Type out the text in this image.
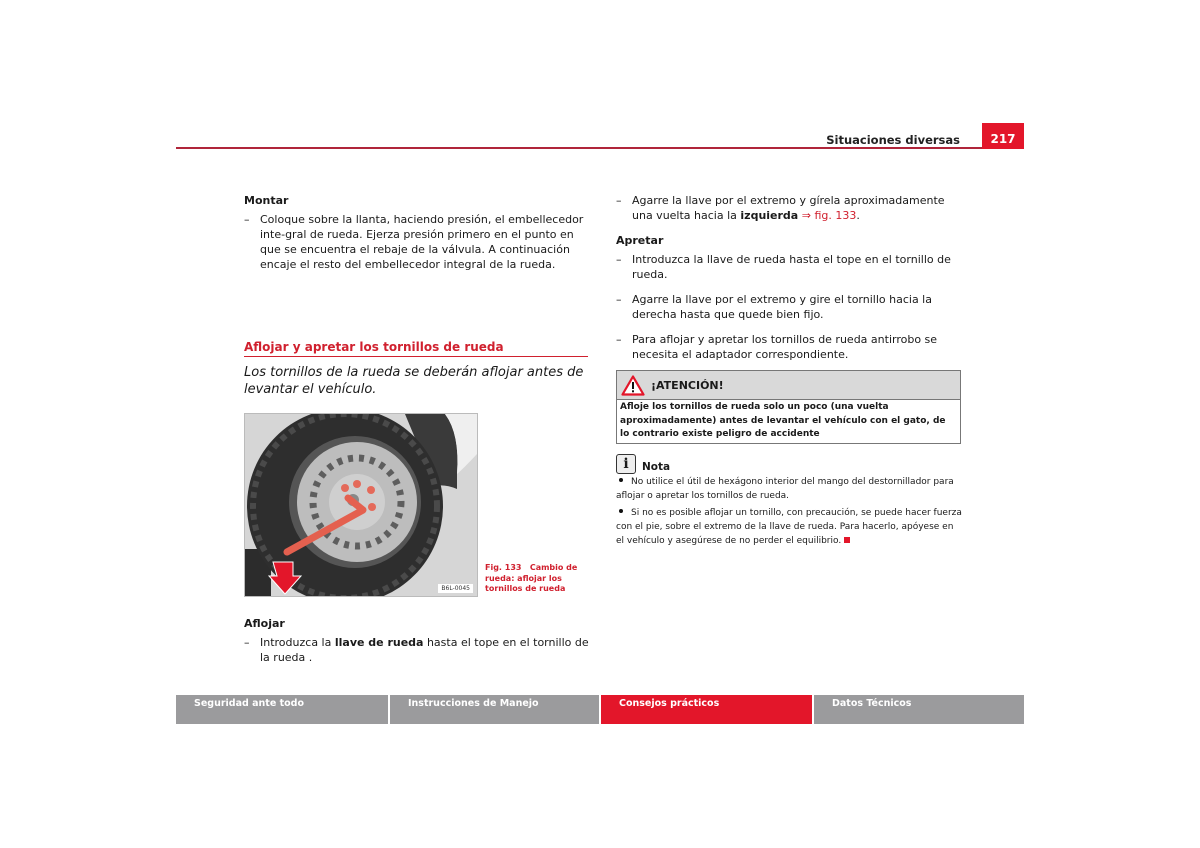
Situaciones diversas	217
Montar
– Coloque sobre la llanta, haciendo presión, el embellecedor inte-gral de rueda. Ejerza presión primero en el punto en que se encuentra el rebaje de la válvula. A continuación encaje el resto del embellecedor integral de la rueda.
Aflojar y apretar los tornillos de rueda
Los tornillos de la rueda se deberán aflojar antes de levantar el vehículo.
B6L-0045
Fig. 133 Cambio de rueda: aflojar los tornillos de rueda
Aflojar
– Introduzca la llave de rueda hasta el tope en el tornillo de la rueda .
– Agarre la llave por el extremo y gírela aproximadamente una vuelta hacia la izquierda ⇒ fig. 133.
Apretar
– Introduzca la llave de rueda hasta el tope en el tornillo de rueda.
– Agarre la llave por el extremo y gire el tornillo hacia la derecha hasta que quede bien fijo.
– Para aflojar y apretar los tornillos de rueda antirrobo se necesita el adaptador correspondiente.
¡ATENCIÓN!
Afloje los tornillos de rueda solo un poco (una vuelta aproximadamente) antes de levantar el vehículo con el gato, de lo contrario existe peligro de accidente
i	Nota

No utilice el útil de hexágono interior del mango del destornillador para aflojar o apretar los tornillos de rueda.

Si no es posible aflojar un tornillo, con precaución, se puede hacer fuerza con el pie, sobre el extremo de la llave de rueda. Para hacerlo, apóyese en el vehículo y asegúrese de no perder el equilibrio.

Seguridad ante todo	Instrucciones de Manejo	Consejos prácticos	Datos Técnicos
